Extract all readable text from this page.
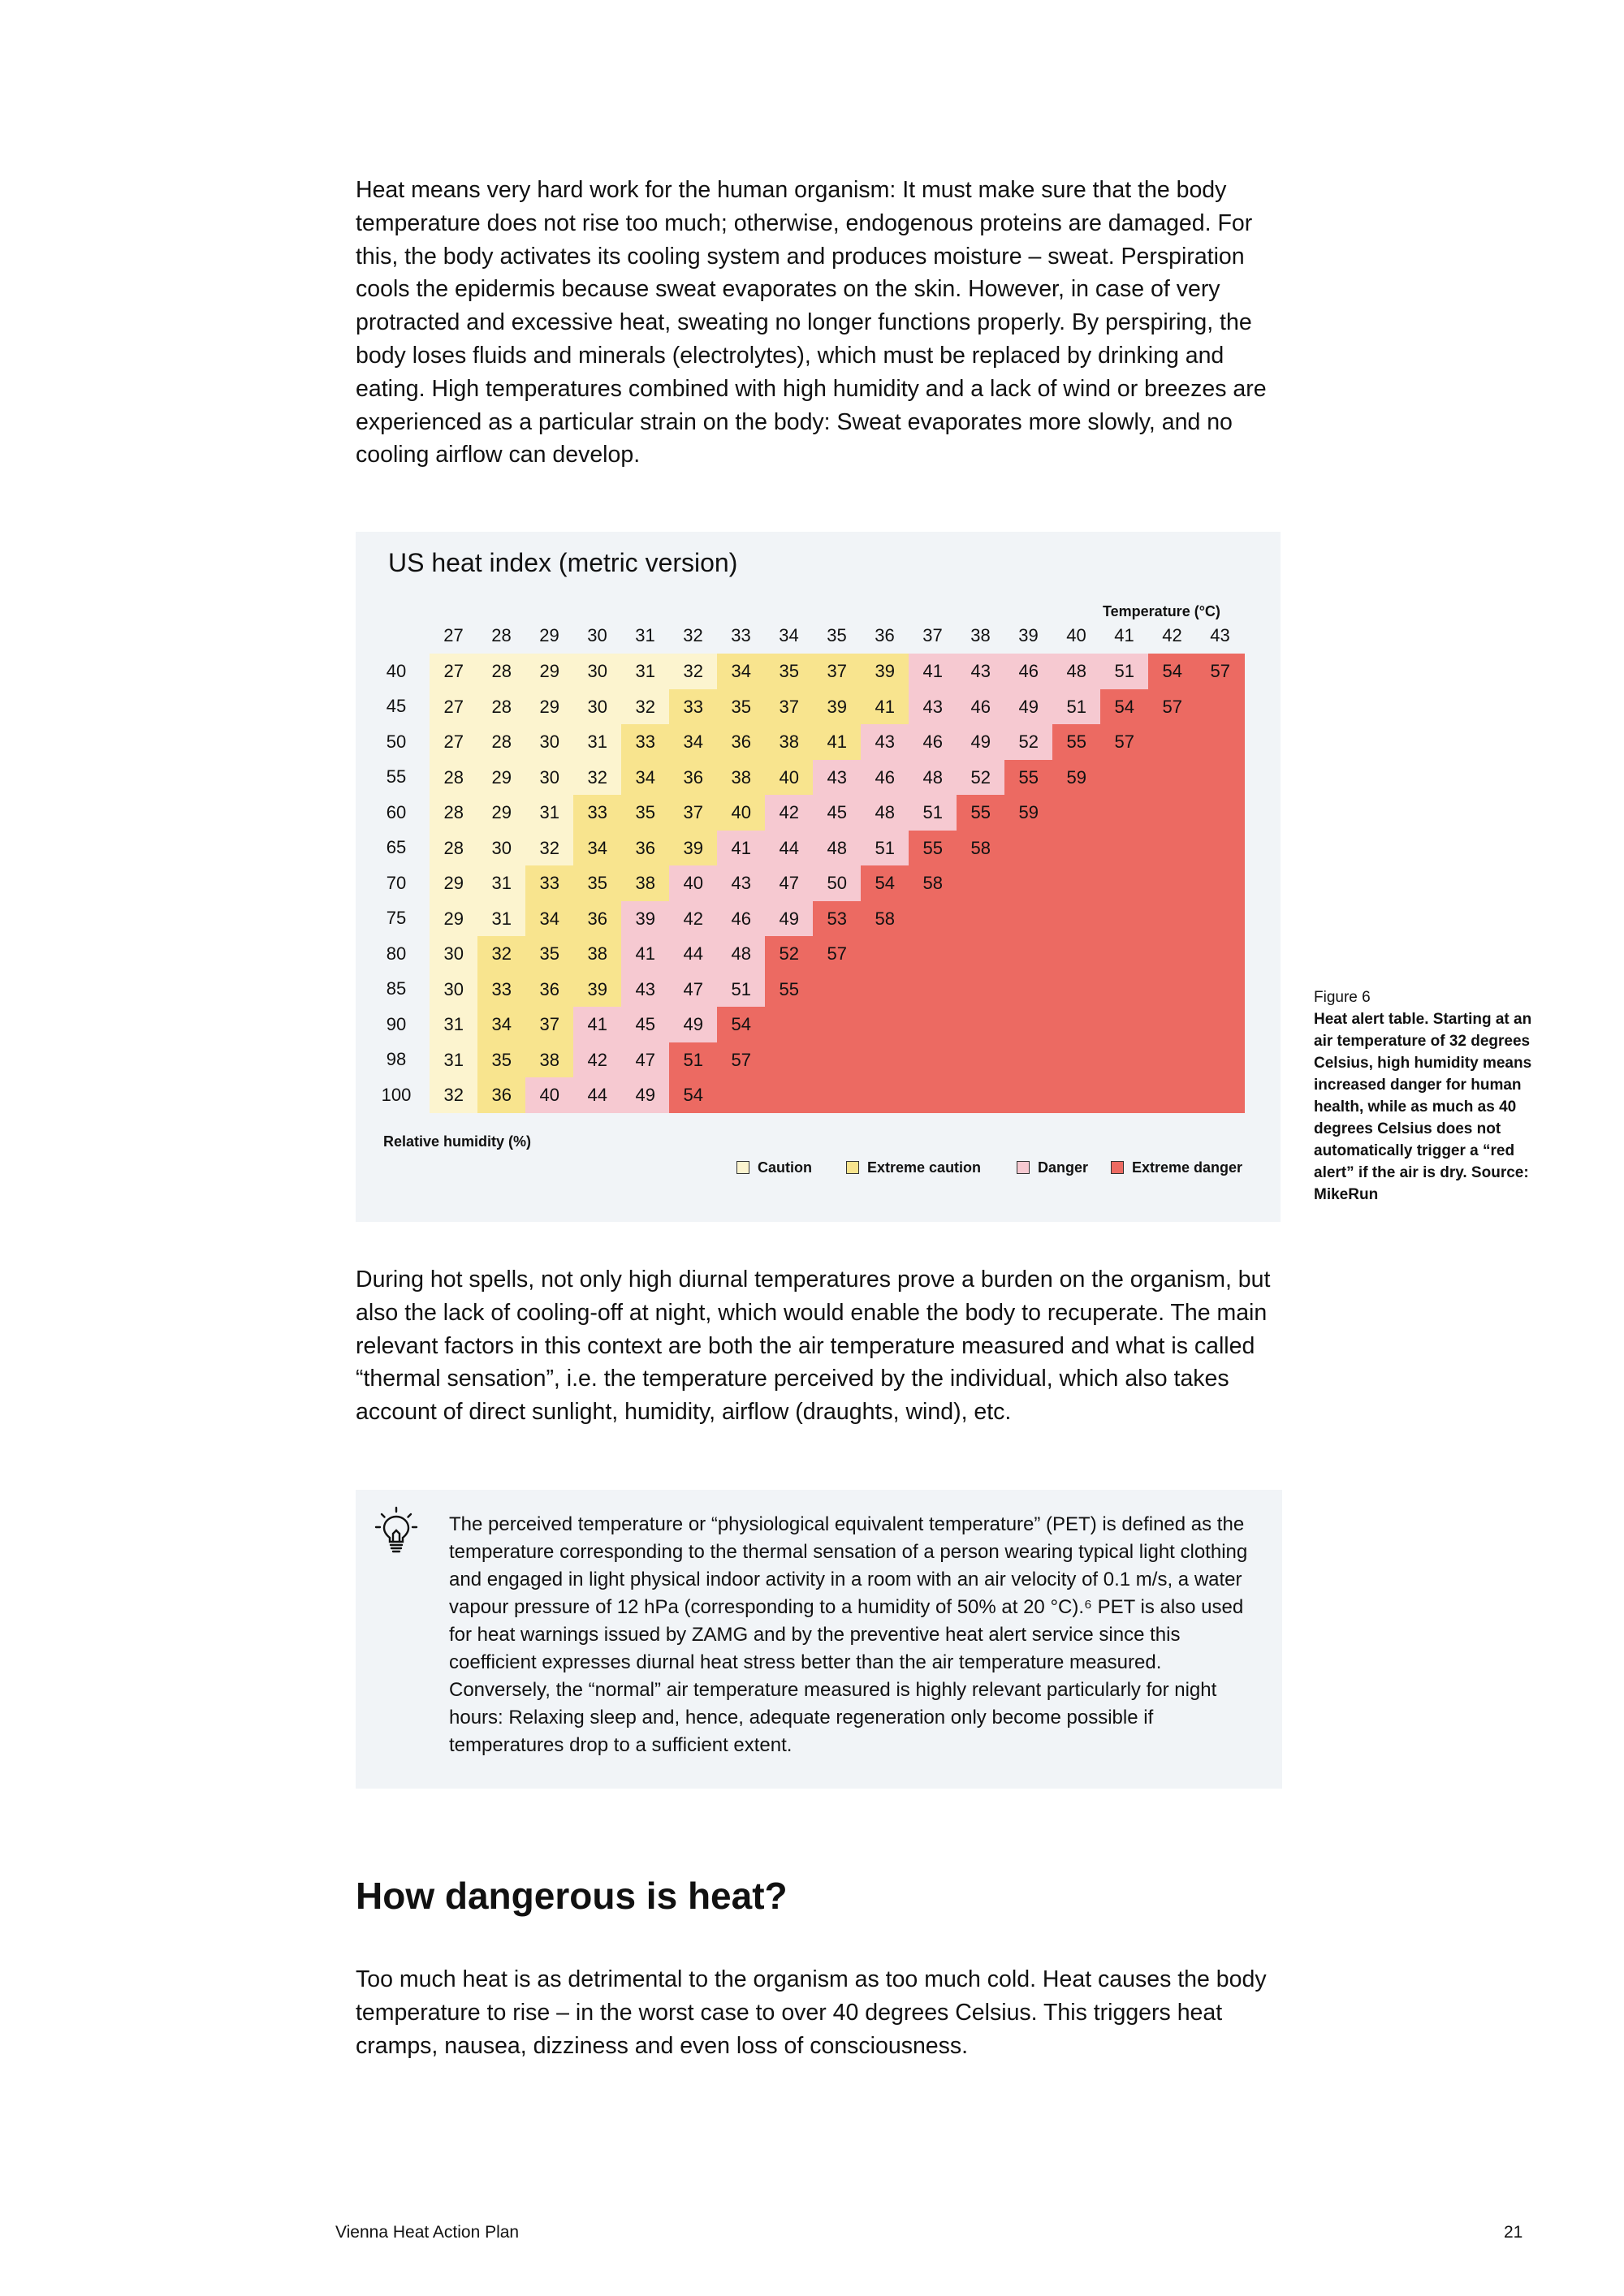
Heat means very hard work for the human organism: It must make sure that the body temperature does not rise too much; otherwise, endogenous proteins are damaged. For this, the body activates its cooling system and produces moisture – sweat. Perspiration cools the epidermis because sweat evaporates on the skin. However, in case of very protracted and excessive heat, sweating no longer functions properly. By perspiring, the body loses fluids and minerals (electrolytes), which must be replaced by drinking and eating. High temperatures combined with high humidity and a lack of wind or breezes are experienced as a particular strain on the body: Sweat evaporates more slowly, and no cooling airflow can develop.

US heat index (metric version)
Temperature (°C)
27	28	29	30	31	32	33	34	35	36	37	38	39	40	41	42	43
40	27	28	29	30	31	32	34	35	37	39	41	43	46	48	51	54	57
45	27	28	29	30	32	33	35	37	39	41	43	46	49	51	54	57
50	27	28	30	31	33	34	36	38	41	43	46	49	52	55	57
55	28	29	30	32	34	36	38	40	43	46	48	52	55	59
60	28	29	31	33	35	37	40	42	45	48	51	55	59
65	28	30	32	34	36	39	41	44	48	51	55	58
70	29	31	33	35	38	40	43	47	50	54	58
75	29	31	34	36	39	42	46	49	53	58
80	30	32	35	38	41	44	48	52	57
85	30	33	36	39	43	47	51	55
90	31	34	37	41	45	49	54
98	31	35	38	42	47	51	57
100	32	36	40	44	49	54
Relative humidity (%)
Caution	Extreme caution	Danger	Extreme danger
Figure 6
Heat alert table. Starting at an air temperature of 32 degrees Celsius, high humidity means increased danger for human health, while as much as 40 degrees Celsius does not automatically trigger a “red alert” if the air is dry. Source: MikeRun

During hot spells, not only high diurnal temperatures prove a burden on the organism, but also the lack of cooling-off at night, which would enable the body to recuperate. The main relevant factors in this context are both the air temperature measured and what is called “thermal sensation”, i.e. the temperature perceived by the individual, which also takes account of direct sunlight, humidity, airflow (draughts, wind), etc.

The perceived temperature or “physiological equivalent temperature” (PET) is defined as the temperature corresponding to the thermal sensation of a person wearing typical light clothing and engaged in light physical indoor activity in a room with an air velocity of 0.1 m/s, a water vapour pressure of 12 hPa (corresponding to a humidity of 50% at 20 °C).⁶ PET is also used for heat warnings issued by ZAMG and by the preventive heat alert service since this coefficient expresses diurnal heat stress better than the air temperature measured. Conversely, the “normal” air temperature measured is highly relevant particularly for night hours: Relaxing sleep and, hence, adequate regeneration only become possible if temperatures drop to a sufficient extent.

How dangerous is heat?

Too much heat is as detrimental to the organism as too much cold. Heat causes the body temperature to rise – in the worst case to over 40 degrees Celsius. This triggers heat cramps, nausea, dizziness and even loss of consciousness.

Vienna Heat Action Plan	21
